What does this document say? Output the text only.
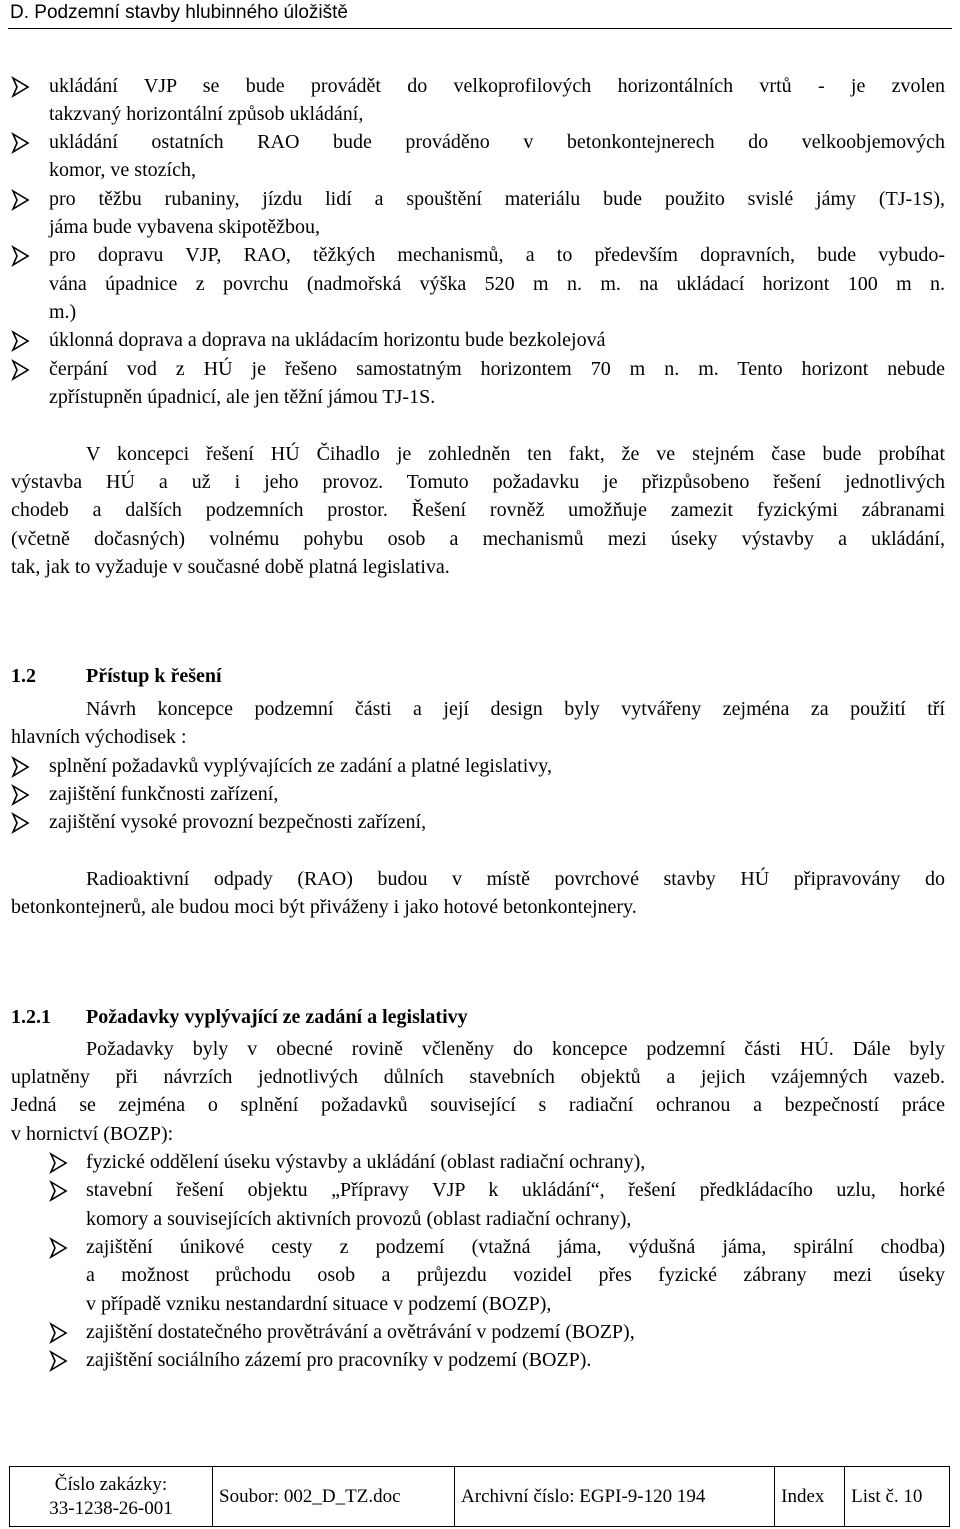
D. Podzemní stavby hlubinného úložiště
ukládání VJP se bude provádět do velkoprofilových horizontálních vrtů - je zvolen
takzvaný horizontální způsob ukládání,
ukládání ostatních RAO bude prováděno v betonkontejnerech do velkoobjemových
komor, ve stozích,
pro těžbu rubaniny, jízdu lidí a spouštění materiálu bude použito svislé jámy (TJ-1S),
jáma bude vybavena skipotěžbou,
pro dopravu VJP, RAO, těžkých mechanismů, a to především dopravních, bude vybudo-
vána úpadnice z povrchu (nadmořská výška 520 m n. m. na ukládací horizont 100 m n.
m.)
úklonná doprava a doprava na ukládacím horizontu bude bezkolejová
čerpání vod z HÚ je řešeno samostatným horizontem 70 m n. m. Tento horizont nebude
zpřístupněn úpadnicí, ale jen těžní jámou TJ-1S.
V koncepci řešení HÚ Čihadlo je zohledněn ten fakt, že ve stejném čase bude probíhat
výstavba HÚ a už i jeho provoz. Tomuto požadavku je přizpůsobeno řešení jednotlivých
chodeb a dalších podzemních prostor. Řešení rovněž umožňuje zamezit fyzickými zábranami
(včetně dočasných) volnému pohybu osob a mechanismů mezi úseky výstavby a ukládání,
tak, jak to vyžaduje v současné době platná legislativa.
Návrh koncepce podzemní části a její design byly vytvářeny zejména za použití tří
hlavních východisek :
splnění požadavků vyplývajících ze zadání a platné legislativy,
zajištění funkčnosti zařízení,
zajištění vysoké provozní bezpečnosti zařízení,
Radioaktivní odpady (RAO) budou v místě povrchové stavby HÚ připravovány do
betonkontejnerů, ale budou moci být přiváženy i jako hotové betonkontejnery.
Požadavky byly v obecné rovině včleněny do koncepce podzemní části HÚ. Dále byly
uplatněny při návrzích jednotlivých důlních stavebních objektů a jejich vzájemných vazeb.
Jedná se zejména o splnění požadavků související s radiační ochranou a bezpečností práce
v hornictví (BOZP):
fyzické oddělení úseku výstavby a ukládání (oblast radiační ochrany),
stavební řešení objektu „Přípravy VJP k ukládání“, řešení předkládacího uzlu, horké
komory a souvisejících aktivních provozů (oblast radiační ochrany),
zajištění únikové cesty z podzemí (vtažná jáma, výdušná jáma, spirální chodba)
a možnost průchodu osob a průjezdu vozidel přes fyzické zábrany mezi úseky
v případě vzniku nestandardní situace v podzemí (BOZP),
zajištění dostatečného provětrávání a ovětrávání v podzemí (BOZP),
zajištění sociálního zázemí pro pracovníky v podzemí (BOZP).
1.2	Přístup k řešení
1.2.1 Požadavky vyplývající ze zadání a legislativy
Číslo zakázky:
33-1238-26-001
	Soubor: 002_D_TZ.doc	Archivní číslo: EGPI-9-120 194	Index	List č. 10
